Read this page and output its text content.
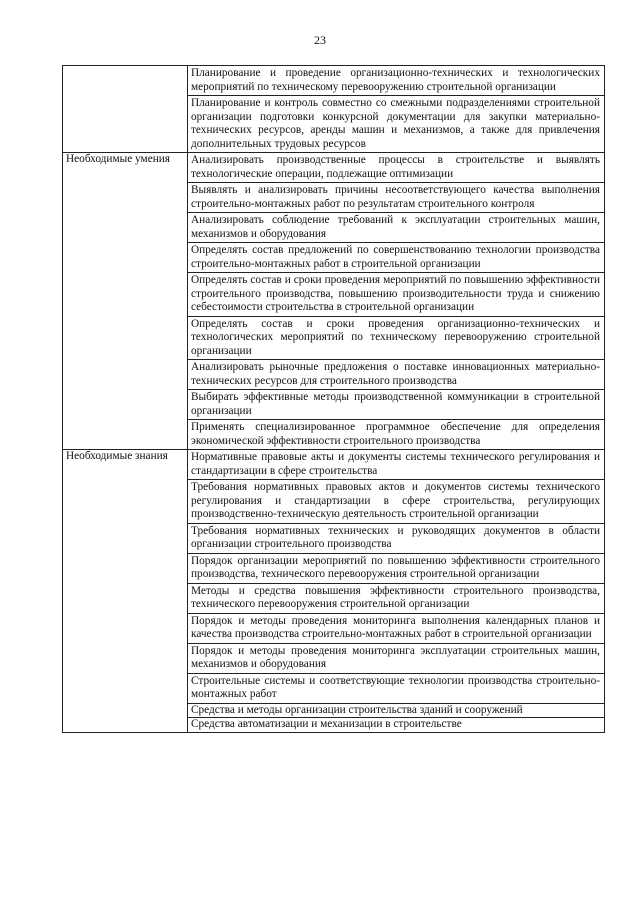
23
	Планирование и проведение организационно-технических и технологических мероприятий по техническому перевооружению строительной организации
	Планирование и контроль совместно со смежными подразделениями строительной организации подготовки конкурсной документации для закупки материально-технических ресурсов, аренды машин и механизмов, а также для привлечения дополнительных трудовых ресурсов
Необходимые умения	Анализировать производственные процессы в строительстве и выявлять технологические операции, подлежащие оптимизации
	Выявлять и анализировать причины несоответствующего качества выполнения строительно-монтажных работ по результатам строительного контроля
	Анализировать соблюдение требований к эксплуатации строительных машин, механизмов и оборудования
	Определять состав предложений по совершенствованию технологии производства строительно-монтажных работ в строительной организации
	Определять состав и сроки проведения мероприятий по повышению эффективности строительного производства, повышению производительности труда и снижению себестоимости строительства в строительной организации
	Определять состав и сроки проведения организационно-технических и технологических мероприятий по техническому перевооружению строительной организации
	Анализировать рыночные предложения о поставке инновационных материально-технических ресурсов для строительного производства
	Выбирать эффективные методы производственной коммуникации в строительной организации
	Применять специализированное программное обеспечение для определения экономической эффективности строительного производства
Необходимые знания	Нормативные правовые акты и документы системы технического регулирования и стандартизации в сфере строительства
	Требования нормативных правовых актов и документов системы технического регулирования и стандартизации в сфере строительства, регулирующих производственно-техническую деятельность строительной организации
	Требования нормативных технических и руководящих документов в области организации строительного производства
	Порядок организации мероприятий по повышению эффективности строительного производства, технического перевооружения строительной организации
	Методы и средства повышения эффективности строительного производства, технического перевооружения строительной организации
	Порядок и методы проведения мониторинга выполнения календарных планов и качества производства строительно-монтажных работ в строительной организации
	Порядок и методы проведения мониторинга эксплуатации строительных машин, механизмов и оборудования
	Строительные системы и соответствующие технологии производства строительно-монтажных работ
	Средства и методы организации строительства зданий и сооружений
	Средства автоматизации и механизации в строительстве
